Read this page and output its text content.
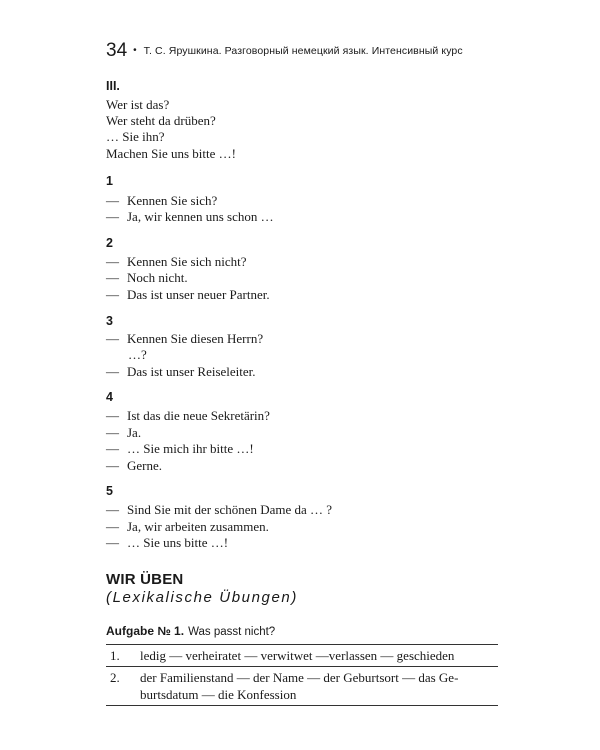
34 • Т. С. Ярушкина. Разговорный немецкий язык. Интенсивный курс
III.
Wer ist das?
Wer steht da drüben?
… Sie ihn?
Machen Sie uns bitte …!
1
— Kennen Sie sich?
— Ja, wir kennen uns schon …
2
— Kennen Sie sich nicht?
— Noch nicht.
— Das ist unser neuer Partner.
3
— Kennen Sie diesen Herrn?
…?
— Das ist unser Reiseleiter.
4
— Ist das die neue Sekretärin?
— Ja.
— … Sie mich ihr bitte …!
— Gerne.
5
— Sind Sie mit der schönen Dame da … ?
— Ja, wir arbeiten zusammen.
— … Sie uns bitte …!
WIR ÜBEN
(Lexikalische Übungen)
Aufgabe № 1. Was passt nicht?
1. ledig — verheiratet — verwitwet —verlassen — geschieden
2. der Familienstand — der Name — der Geburtsort — das Ge-
burtsdatum — die Konfession
